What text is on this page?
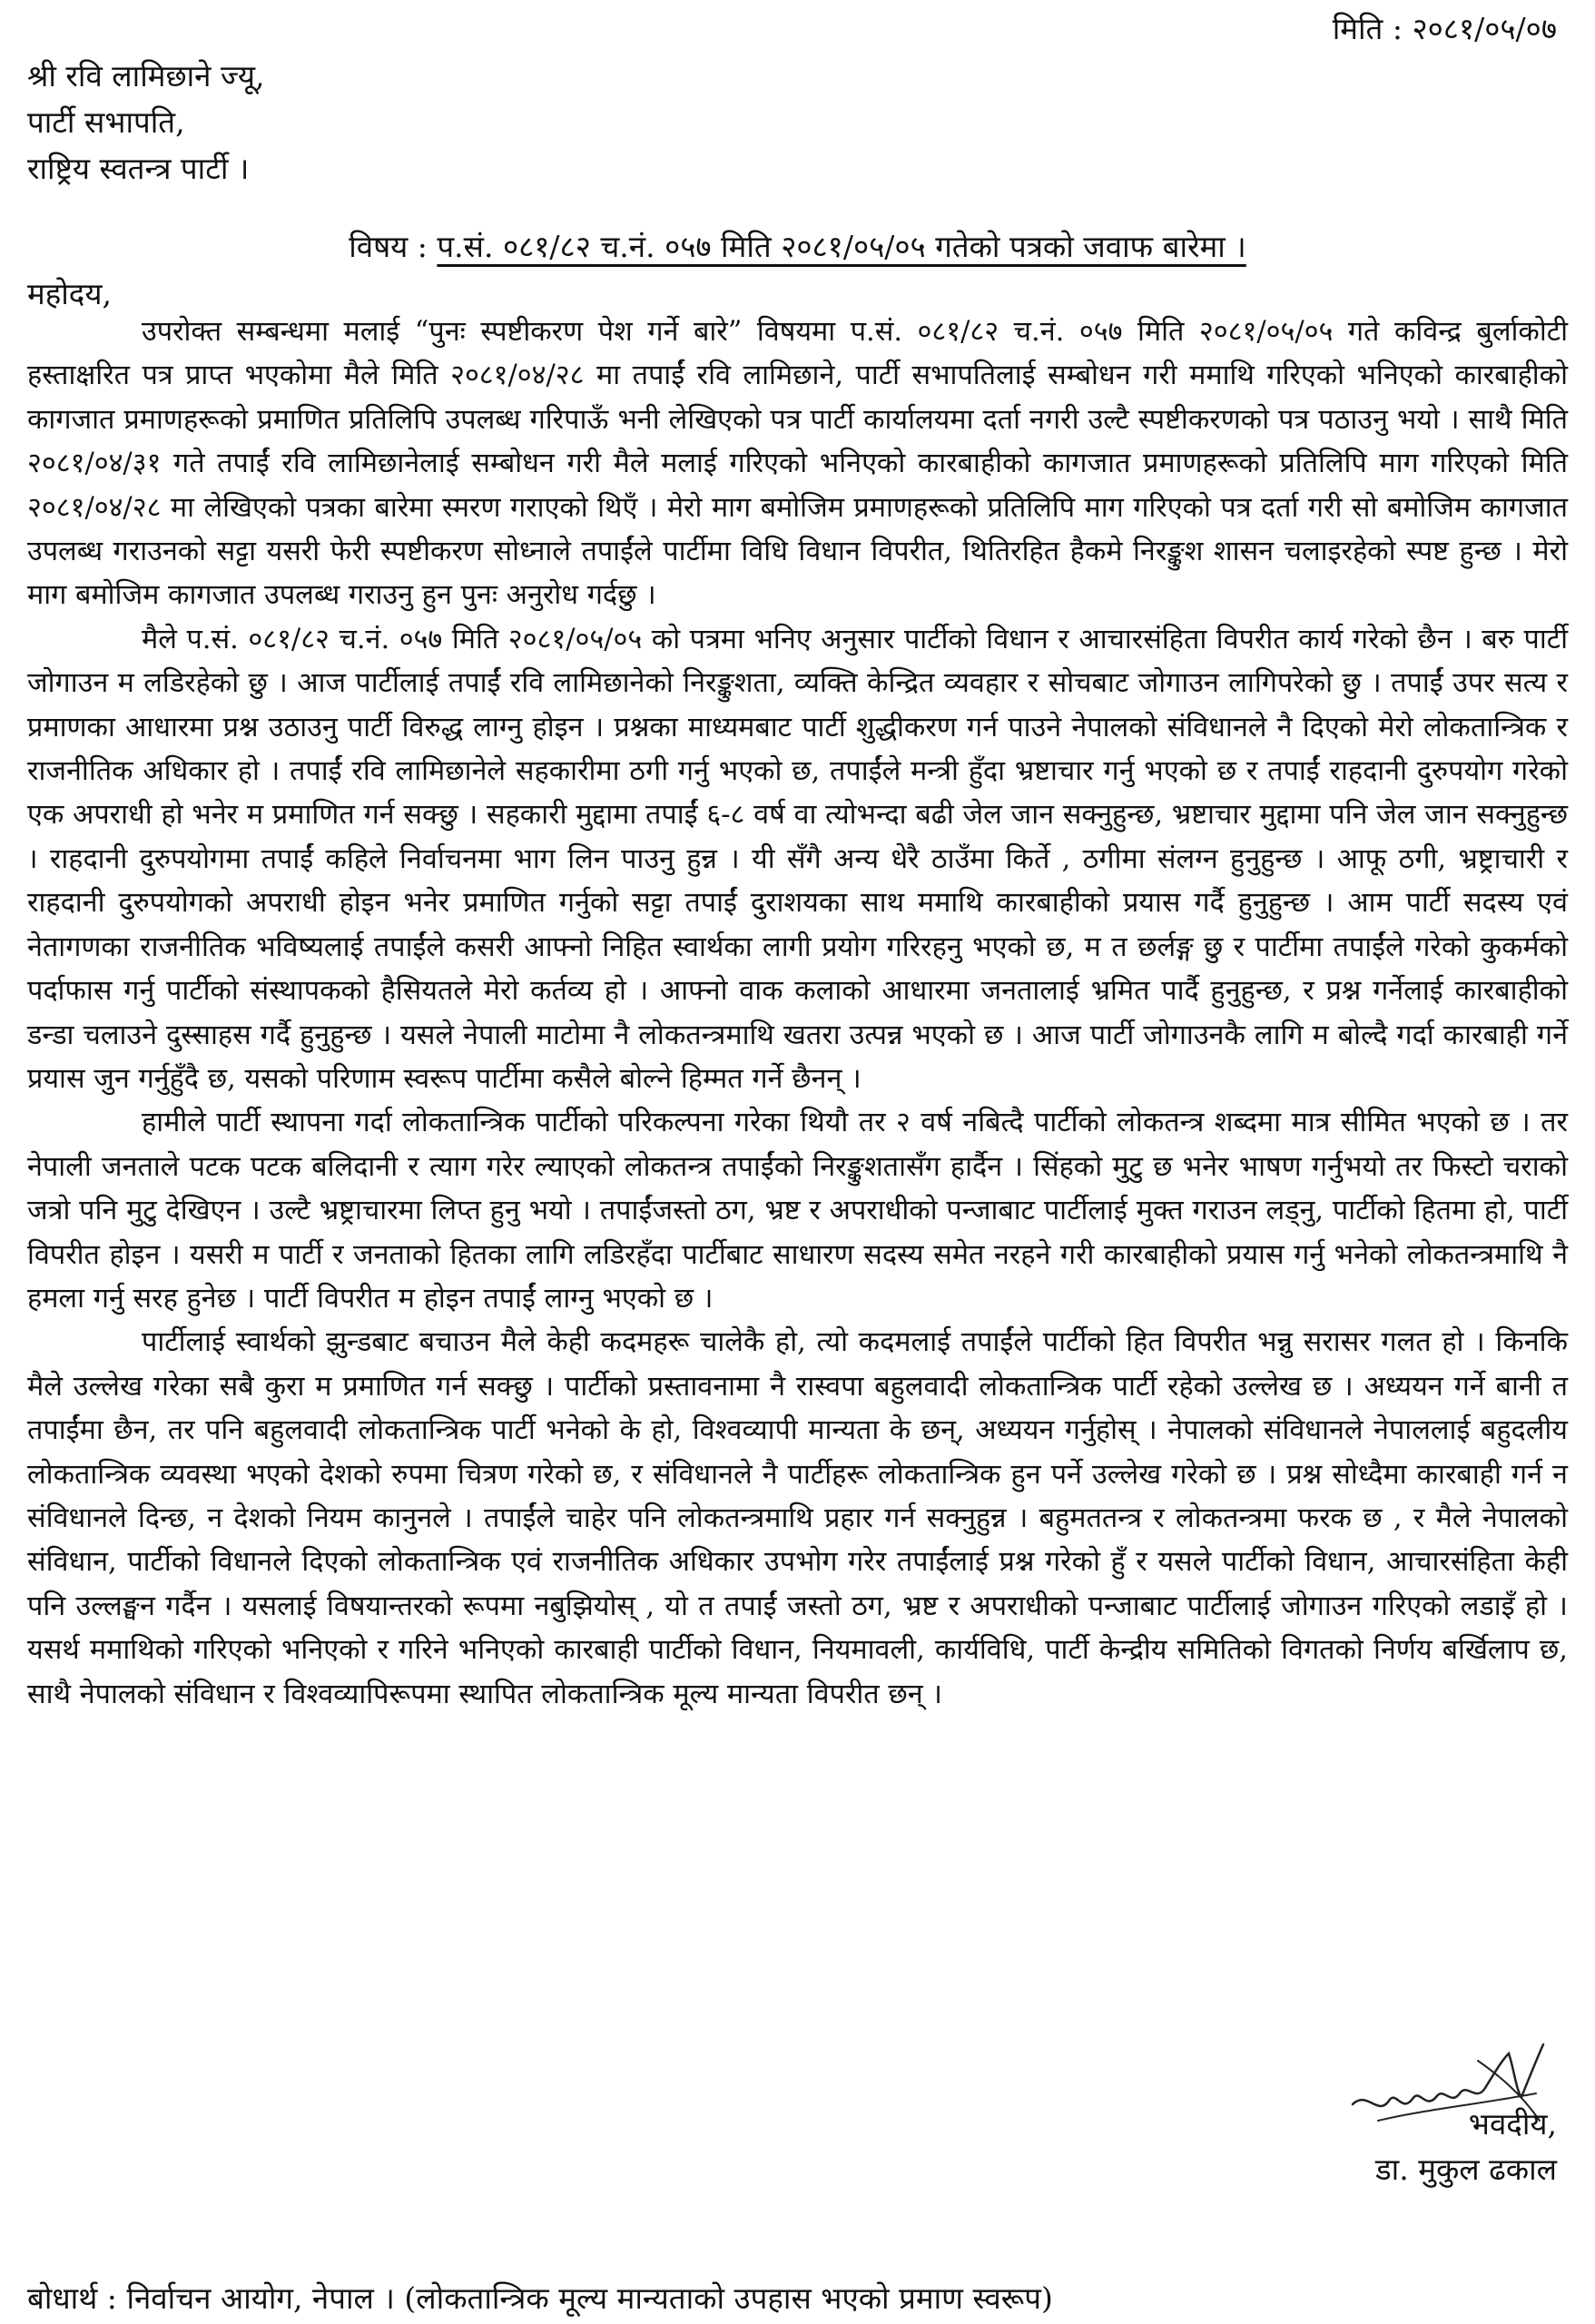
मिति : २०८१/०५/०७
श्री रवि लामिछाने ज्यू,
पार्टी सभापति,
राष्ट्रिय स्वतन्त्र पार्टी ।
विषय : प.सं. ०८१/८२ च.नं. ०५७ मिति २०८१/०५/०५ गतेको पत्रको जवाफ बारेमा ।
महोदय,

उपरोक्त सम्बन्धमा मलाई “पुनः स्पष्टीकरण पेश गर्ने बारे” विषयमा प.सं. ०८१/८२ च.नं. ०५७ मिति २०८१/०५/०५ गते कविन्द्र बुर्लाकोटी हस्ताक्षरित पत्र प्राप्त भएकोमा मैले मिति २०८१/०४/२८ मा तपाईं रवि लामिछाने, पार्टी सभापतिलाई सम्बोधन गरी ममाथि गरिएको भनिएको कारबाहीको कागजात प्रमाणहरूको प्रमाणित प्रतिलिपि उपलब्ध गरिपाऊँ भनी लेखिएको पत्र पार्टी कार्यालयमा दर्ता नगरी उल्टै स्पष्टीकरणको पत्र पठाउनु भयो । साथै मिति २०८१/०४/३१ गते तपाईं रवि लामिछानेलाई सम्बोधन गरी मैले मलाई गरिएको भनिएको कारबाहीको कागजात प्रमाणहरूको प्रतिलिपि माग गरिएको मिति २०८१/०४/२८ मा लेखिएको पत्रका बारेमा स्मरण गराएको थिएँ । मेरो माग बमोजिम प्रमाणहरूको प्रतिलिपि माग गरिएको पत्र दर्ता गरी सो बमोजिम कागजात उपलब्ध गराउनको सट्टा यसरी फेरी स्पष्टीकरण सोध्नाले तपाईंले पार्टीमा विधि विधान विपरीत, थितिरहित हैकमे निरङ्कुश शासन चलाइरहेको स्पष्ट हुन्छ । मेरो माग बमोजिम कागजात उपलब्ध गराउनु हुन पुनः अनुरोध गर्दछु ।

मैले प.सं. ०८१/८२ च.नं. ०५७ मिति २०८१/०५/०५ को पत्रमा भनिए अनुसार पार्टीको विधान र आचारसंहिता विपरीत कार्य गरेको छैन । बरु पार्टी जोगाउन म लडिरहेको छु । आज पार्टीलाई तपाईं रवि लामिछानेको निरङ्कुशता, व्यक्ति केन्द्रित व्यवहार र सोचबाट जोगाउन लागिपरेको छु । तपाईं उपर सत्य र प्रमाणका आधारमा प्रश्न उठाउनु पार्टी विरुद्ध लाग्नु होइन । प्रश्नका माध्यमबाट पार्टी शुद्धीकरण गर्न पाउने नेपालको संविधानले नै दिएको मेरो लोकतान्त्रिक र राजनीतिक अधिकार हो । तपाईं रवि लामिछानेले सहकारीमा ठगी गर्नु भएको छ, तपाईंले मन्त्री हुँदा भ्रष्टाचार गर्नु भएको छ र तपाईं राहदानी दुरुपयोग गरेको एक अपराधी हो भनेर म प्रमाणित गर्न सक्छु । सहकारी मुद्दामा तपाईं ६-८ वर्ष वा त्योभन्दा बढी जेल जान सक्नुहुन्छ, भ्रष्टाचार मुद्दामा पनि जेल जान सक्नुहुन्छ । राहदानी दुरुपयोगमा तपाईं कहिले निर्वाचनमा भाग लिन पाउनु हुन्न । यी सँगै अन्य धेरै ठाउँमा किर्ते , ठगीमा संलग्न हुनुहुन्छ । आफू ठगी, भ्रष्ट्राचारी र राहदानी दुरुपयोगको अपराधी होइन भनेर प्रमाणित गर्नुको सट्टा तपाईं दुराशयका साथ ममाथि कारबाहीको प्रयास गर्दै हुनुहुन्छ । आम पार्टी सदस्य एवं नेतागणका राजनीतिक भविष्यलाई तपाईंले कसरी आफ्नो निहित स्वार्थका लागी प्रयोग गरिरहनु भएको छ, म त छर्लङ्ग छु र पार्टीमा तपाईंले गरेको कुकर्मको पर्दाफास गर्नु पार्टीको संस्थापकको हैसियतले मेरो कर्तव्य हो । आफ्नो वाक कलाको आधारमा जनतालाई भ्रमित पार्दै हुनुहुन्छ, र प्रश्न गर्नेलाई कारबाहीको डन्डा चलाउने दुस्साहस गर्दै हुनुहुन्छ । यसले नेपाली माटोमा नै लोकतन्त्रमाथि खतरा उत्पन्न भएको छ । आज पार्टी जोगाउनकै लागि म बोल्दै गर्दा कारबाही गर्ने प्रयास जुन गर्नुहुँदै छ, यसको परिणाम स्वरूप पार्टीमा कसैले बोल्ने हिम्मत गर्ने छैनन् ।

हामीले पार्टी स्थापना गर्दा लोकतान्त्रिक पार्टीको परिकल्पना गरेका थियौ तर २ वर्ष नबित्दै पार्टीको लोकतन्त्र शब्दमा मात्र सीमित भएको छ । तर नेपाली जनताले पटक पटक बलिदानी र त्याग गरेर ल्याएको लोकतन्त्र तपाईंको निरङ्कुशतासँग हार्दैन । सिंहको मुटु छ भनेर भाषण गर्नुभयो तर फिस्टो चराको जत्रो पनि मुटु देखिएन । उल्टै भ्रष्ट्राचारमा लिप्त हुनु भयो । तपाईंजस्तो ठग, भ्रष्ट र अपराधीको पन्जाबाट पार्टीलाई मुक्त गराउन लड्नु, पार्टीको हितमा हो, पार्टी विपरीत होइन । यसरी म पार्टी र जनताको हितका लागि लडिरहँदा पार्टीबाट साधारण सदस्य समेत नरहने गरी कारबाहीको प्रयास गर्नु भनेको लोकतन्त्रमाथि नै हमला गर्नु सरह हुनेछ । पार्टी विपरीत म होइन तपाईं लाग्नु भएको छ ।

पार्टीलाई स्वार्थको झुन्डबाट बचाउन मैले केही कदमहरू चालेकै हो, त्यो कदमलाई तपाईंले पार्टीको हित विपरीत भन्नु सरासर गलत हो । किनकि मैले उल्लेख गरेका सबै कुरा म प्रमाणित गर्न सक्छु । पार्टीको प्रस्तावनामा नै रास्वपा बहुलवादी लोकतान्त्रिक पार्टी रहेको उल्लेख छ । अध्ययन गर्ने बानी त तपाईंमा छैन, तर पनि बहुलवादी लोकतान्त्रिक पार्टी भनेको के हो, विश्वव्यापी मान्यता के छन्, अध्ययन गर्नुहोस् । नेपालको संविधानले नेपाललाई बहुदलीय लोकतान्त्रिक व्यवस्था भएको देशको रुपमा चित्रण गरेको छ, र संविधानले नै पार्टीहरू लोकतान्त्रिक हुन पर्ने उल्लेख गरेको छ । प्रश्न सोध्दैमा कारबाही गर्न न संविधानले दिन्छ, न देशको नियम कानुनले । तपाईंले चाहेर पनि लोकतन्त्रमाथि प्रहार गर्न सक्नुहुन्न । बहुमततन्त्र र लोकतन्त्रमा फरक छ , र मैले नेपालको संविधान, पार्टीको विधानले दिएको लोकतान्त्रिक एवं राजनीतिक अधिकार उपभोग गरेर तपाईंलाई प्रश्न गरेको हुँ र यसले पार्टीको विधान, आचारसंहिता केही पनि उल्लङ्घन गर्दैन । यसलाई विषयान्तरको रूपमा नबुझियोस् , यो त तपाईं जस्तो ठग, भ्रष्ट र अपराधीको पन्जाबाट पार्टीलाई जोगाउन गरिएको लडाइँ हो । यसर्थ ममाथिको गरिएको भनिएको र गरिने भनिएको कारबाही पार्टीको विधान, नियमावली, कार्यविधि, पार्टी केन्द्रीय समितिको विगतको निर्णय बर्खिलाप छ, साथै नेपालको संविधान र विश्वव्यापिरूपमा स्थापित लोकतान्त्रिक मूल्य मान्यता विपरीत छन् ।

भवदीय,
डा. मुकुल ढकाल
बोधार्थ : निर्वाचन आयोग, नेपाल । (लोकतान्त्रिक मूल्य मान्यताको उपहास भएको प्रमाण स्वरूप)
